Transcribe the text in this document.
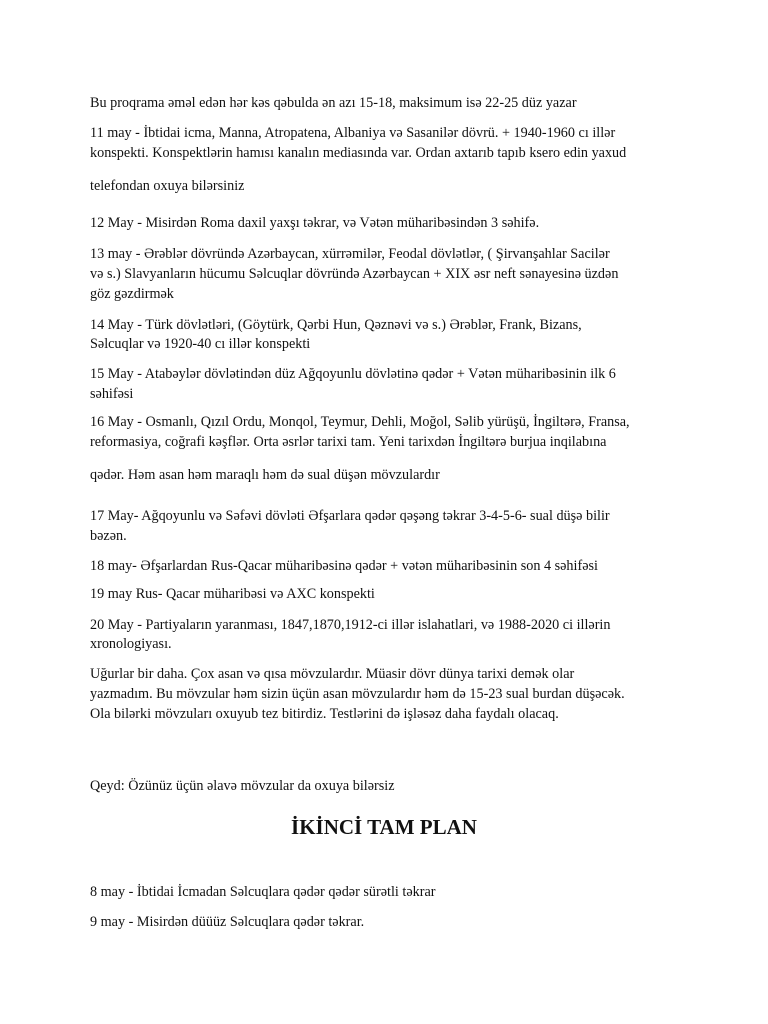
Bu proqrama əməl edən hər kəs qəbulda ən azı 15-18, maksimum isə 22-25 düz yazar

11 may - İbtidai icma, Manna, Atropatena, Albaniya və Sasanilər dövrü. + 1940-1960 cı illər

konspekti. Konspektlərin hamısı kanalın mediasında var. Ordan axtarıb tapıb ksero edin yaxud

telefondan oxuya bilərsiniz

12 May - Misirdən Roma daxil yaxşı təkrar, və Vətən müharibəsindən 3 səhifə.

13 may - Ərəblər dövründə Azərbaycan, xürrəmilər, Feodal dövlətlər, ( Şirvanşahlar Sacilər

və s.) Slavyanların hücumu Səlcuqlar dövründə Azərbaycan + XIX əsr neft sənayesinə üzdən

göz gəzdirmək

14 May - Türk dövlətləri, (Göytürk, Qərbi Hun, Qəznəvi və s.) Ərəblər, Frank, Bizans,

Səlcuqlar və 1920-40 cı illər konspekti

15 May - Atabəylər dövlətindən düz Ağqoyunlu dövlətinə qədər + Vətən müharibəsinin ilk 6

səhifəsi

16 May - Osmanlı, Qızıl Ordu, Monqol, Teymur, Dehli, Moğol, Səlib yürüşü, İngiltərə, Fransa,

reformasiya, coğrafi kəşflər. Orta əsrlər tarixi tam. Yeni tarixdən İngiltərə burjua inqilabına

qədər. Həm asan həm maraqlı həm də sual düşən mövzulardır

17 May- Ağqoyunlu və Səfəvi dövləti Əfşarlara qədər qəşəng təkrar 3-4-5-6- sual düşə bilir

bəzən.

18 may- Əfşarlardan Rus-Qacar müharibəsinə qədər + vətən müharibəsinin son 4 səhifəsi

19 may Rus- Qacar müharibəsi və AXC konspekti

20 May - Partiyaların yaranması, 1847,1870,1912-ci illər islahatlari, və 1988-2020 ci illərin

xronologiyası.

Uğurlar bir daha. Çox asan və qısa mövzulardır. Müasir dövr dünya tarixi demək olar

yazmadım. Bu mövzular həm sizin üçün asan mövzulardır həm də 15-23 sual burdan düşəcək.

Ola bilərki mövzuları oxuyub tez bitirdiz. Testlərini də işləsəz daha faydalı olacaq.

Qeyd: Özünüz üçün əlavə mövzular da oxuya bilərsiz

İKİNCİ TAM PLAN

8 may - İbtidai İcmadan Səlcuqlara qədər qədər sürətli təkrar

9 may - Misirdən düüüz Səlcuqlara qədər təkrar.
